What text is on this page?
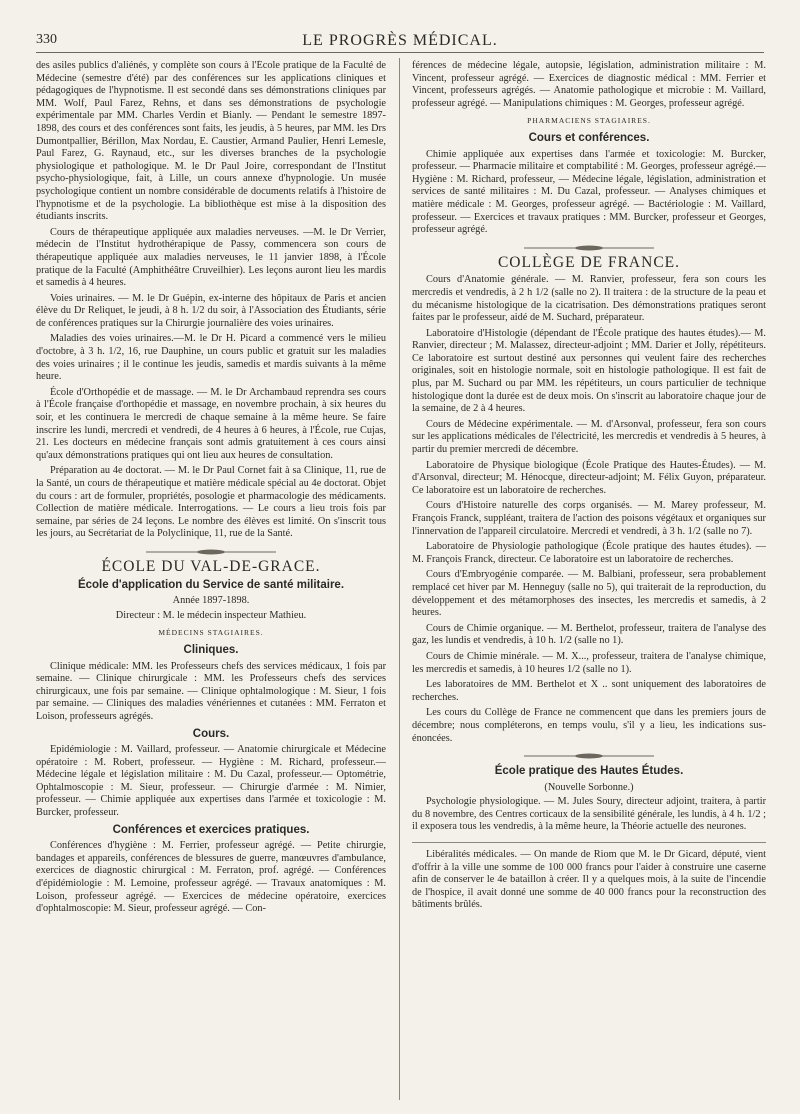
330	LE PROGRÈS MÉDICAL.

des asiles publics d'aliénés, y complète son cours à l'École pratique de la Faculté de Médecine (semestre d'été) par des conférences sur les applications cliniques et pédagogiques de l'hypnotisme. Il est secondé dans ses démonstrations cliniques par MM. Wolf, Paul Farez, Rehns, et dans ses démonstrations de psychologie expérimentale par MM. Charles Verdin et Bianly. — Pendant le semestre 1897-1898, des cours et des conférences sont faits, les jeudis, à 5 heures, par MM. les Drs Dumontpallier, Bérillon, Max Nordau, E. Caustier, Armand Paulier, Henri Lemesle, Paul Farez, G. Raynaud, etc., sur les diverses branches de la psychologie physiologique et pathologique. M. le Dr Paul Joire, correspondant de l'Institut psycho-physiologique, fait, à Lille, un cours annexe d'hypnologie. Un musée psychologique contient un nombre considérable de documents relatifs à l'histoire de l'hypnotisme et de la psychologie. La bibliothèque est mise à la disposition des étudiants inscrits.

Cours de thérapeutique appliquée aux maladies nerveuses. —M. le Dr Verrier, médecin de l'Institut hydrothérapique de Passy, commencera son cours de thérapeutique appliquée aux maladies nerveuses, le 11 janvier 1898, à l'École pratique de la Faculté (Amphithéâtre Cruveilhier). Les leçons auront lieu les mardis et samedis à 4 heures.

Voies urinaires. — M. le Dr Guépin, ex-interne des hôpitaux de Paris et ancien élève du Dr Reliquet, le jeudi, à 8 h. 1/2 du soir, à l'Association des Étudiants, série de conférences pratiques sur la Chirurgie journalière des voies urinaires.

Maladies des voies urinaires.—M. le Dr H. Picard a commencé vers le milieu d'octobre, à 3 h. 1/2, 16, rue Dauphine, un cours public et gratuit sur les maladies des voies urinaires ; il le continue les jeudis, samedis et mardis suivants à la même heure.

École d'Orthopédie et de massage. — M. le Dr Archambaud reprendra ses cours à l'École française d'orthopédie et massage, en novembre prochain, à six heures du soir, et les continuera le mercredi de chaque semaine à la même heure. Se faire inscrire les lundi, mercredi et vendredi, de 4 heures à 6 heures, à l'École, rue Cujas, 21. Les docteurs en médecine français sont admis gratuitement à ces cours ainsi qu'aux démonstrations pratiques qui ont lieu aux heures de consultation.

Préparation au 4e doctorat. — M. le Dr Paul Cornet fait à sa Clinique, 11, rue de la Santé, un cours de thérapeutique et matière médicale spécial au 4e doctorat. Objet du cours : art de formuler, propriétés, posologie et pharmacologie des médicaments. Collection de matière médicale. Interrogations. — Le cours a lieu trois fois par semaine, par séries de 24 leçons. Le nombre des élèves est limité. On s'inscrit tous les jours, au Secrétariat de la Polyclinique, 11, rue de la Santé.

ÉCOLE DU VAL-DE-GRACE.
École d'application du Service de santé militaire.

Année 1897-1898.

Directeur : M. le médecin inspecteur Mathieu.

MÉDECINS STAGIAIRES.
Cliniques.

Clinique médicale: MM. les Professeurs chefs des services médicaux, 1 fois par semaine. — Clinique chirurgicale : MM. les Professeurs chefs des services chirurgicaux, une fois par semaine. — Clinique ophtalmologique : M. Sieur, 1 fois par semaine. — Cliniques des maladies vénériennes et cutanées : MM. Ferraton et Loison, professeurs agrégés.

Cours.

Epidémiologie : M. Vaillard, professeur. — Anatomie chirurgicale et Médecine opératoire : M. Robert, professeur. — Hygiène : M. Richard, professeur.— Médecine légale et législation militaire : M. Du Cazal, professeur.— Optométrie, Ophtalmoscopie : M. Sieur, professeur. — Chirurgie d'armée : M. Nimier, professeur. — Chimie appliquée aux expertises dans l'armée et toxicologie : M. Burcker, professeur.

Conférences et exercices pratiques.

Conférences d'hygiène : M. Ferrier, professeur agrégé. — Petite chirurgie, bandages et appareils, conférences de blessures de guerre, manœuvres d'ambulance, exercices de diagnostic chirurgical : M. Ferraton, prof. agrégé. — Conférences d'épidémiologie : M. Lemoine, professeur agrégé. — Travaux anatomiques : M. Loison, professeur agrégé. — Exercices de médecine opératoire, exercices d'ophtalmoscopie: M. Sieur, professeur agrégé. — Con-

férences de médecine légale, autopsie, législation, administration militaire : M. Vincent, professeur agrégé. — Exercices de diagnostic médical : MM. Ferrier et Vincent, professeurs agrégés. — Anatomie pathologique et microbie : M. Vaillard, professeur agrégé. — Manipulations chimiques : M. Georges, professeur agrégé.

PHARMACIENS STAGIAIRES.
Cours et conférences.

Chimie appliquée aux expertises dans l'armée et toxicologie: M. Burcker, professeur. — Pharmacie militaire et comptabilité : M. Georges, professeur agrégé.— Hygiène : M. Richard, professeur, — Médecine légale, législation, administration et services de santé militaires : M. Du Cazal, professeur. — Analyses chimiques et matière médicale : M. Georges, professeur agrégé. — Bactériologie : M. Vaillard, professeur. — Exercices et travaux pratiques : MM. Burcker, professeur et Georges, professeur agrégé.

COLLÈGE DE FRANCE.

Cours d'Anatomie générale. — M. Ranvier, professeur, fera son cours les mercredis et vendredis, à 2 h 1/2 (salle no 2). Il traitera : de la structure de la peau et du mécanisme histologique de la cicatrisation. Des démonstrations pratiques seront faites par le professeur, aidé de M. Suchard, préparateur.

Laboratoire d'Histologie (dépendant de l'École pratique des hautes études).— M. Ranvier, directeur ; M. Malassez, directeur-adjoint ; MM. Darier et Jolly, répétiteurs. Ce laboratoire est surtout destiné aux personnes qui veulent faire des recherches originales, soit en histologie normale, soit en histologie pathologique. Il est fait de plus, par M. Suchard ou par MM. les répétiteurs, un cours particulier de technique histologique dont la durée est de deux mois. On s'inscrit au laboratoire chaque jour de la semaine, de 2 à 4 heures.

Cours de Médecine expérimentale. — M. d'Arsonval, professeur, fera son cours sur les applications médicales de l'électricité, les mercredis et vendredis à 5 heures, à partir du premier mercredi de décembre.

Laboratoire de Physique biologique (École Pratique des Hautes-Études). — M. d'Arsonval, directeur; M. Hénocque, directeur-adjoint; M. Félix Guyon, préparateur. Ce laboratoire est un laboratoire de recherches.

Cours d'Histoire naturelle des corps organisés. — M. Marey professeur, M. François Franck, suppléant, traitera de l'action des poisons végétaux et organiques sur l'innervation de l'appareil circulatoire. Mercredi et vendredi, à 3 h. 1/2 (salle no 7).

Laboratoire de Physiologie pathologique (École pratique des hautes études). — M. François Franck, directeur. Ce laboratoire est un laboratoire de recherches.

Cours d'Embryogénie comparée. — M. Balbiani, professeur, sera probablement remplacé cet hiver par M. Henneguy (salle no 5), qui traiterait de la reproduction, du développement et des métamorphoses des insectes, les mercredis et samedis, à 2 heures.

Cours de Chimie organique. — M. Berthelot, professeur, traitera de l'analyse des gaz, les lundis et vendredis, à 10 h. 1/2 (salle no 1).

Cours de Chimie minérale. — M. X..., professeur, traitera de l'analyse chimique, les mercredis et samedis, à 10 heures 1/2 (salle no 1).

Les laboratoires de MM. Berthelot et X .. sont uniquement des laboratoires de recherches.

Les cours du Collège de France ne commencent que dans les premiers jours de décembre; nous compléterons, en temps voulu, s'il y a lieu, les indications sus-énoncées.

École pratique des Hautes Études.

(Nouvelle Sorbonne.)

Psychologie physiologique. — M. Jules Soury, directeur adjoint, traitera, à partir du 8 novembre, des Centres corticaux de la sensibilité générale, les lundis, à 4 h. 1/2 ; il exposera tous les vendredis, à la même heure, la Théorie actuelle des neurones.

Libéralités médicales. — On mande de Riom que M. le Dr Gicard, député, vient d'offrir à la ville une somme de 100 000 francs pour l'aider à construire une caserne afin de conserver le 4e bataillon à créer. Il y a quelques mois, à la suite de l'incendie de l'hospice, il avait donné une somme de 40 000 francs pour la reconstruction des bâtiments brûlés.
